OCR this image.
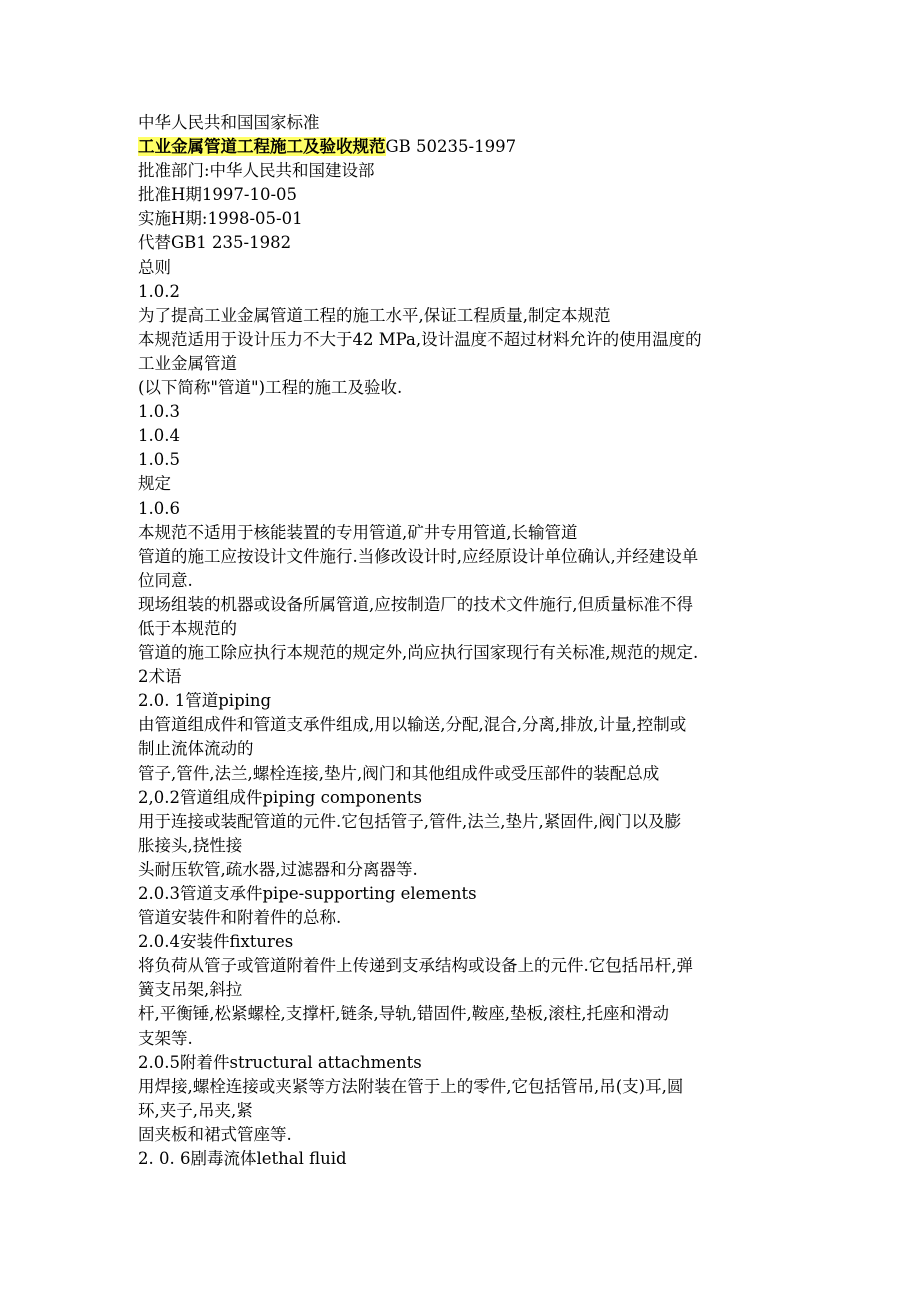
中华人民共和国国家标准

工业金属管道工程施工及验收规范GB 50235-1997

批准部门:中华人民共和国建设部

批准H期1997-10-05

实施H期:1998-05-01

代替GB1 235-1982

总则

1.0.2

为了提高工业金属管道工程的施工水平,保证工程质量,制定本规范

本规范适用于设计压力不大于42 MPa,设计温度不超过材料允许的使用温度的

工业金属管道

(以下简称"管道")工程的施工及验收.

1.0.3

1.0.4

1.0.5

规定

1.0.6

本规范不适用于核能装置的专用管道,矿井专用管道,长输管道

管道的施工应按设计文件施行.当修改设计时,应经原设计单位确认,并经建设单

位同意.

现场组装的机器或设备所属管道,应按制造厂的技术文件施行,但质量标准不得

低于本规范的

管道的施工除应执行本规范的规定外,尚应执行国家现行有关标准,规范的规定.

2术语

2.0. 1管道piping

由管道组成件和管道支承件组成,用以输送,分配,混合,分离,排放,计量,控制或

制止流体流动的

管子,管件,法兰,螺栓连接,垫片,阀门和其他组成件或受压部件的装配总成

2,0.2管道组成件piping components

用于连接或装配管道的元件.它包括管子,管件,法兰,垫片,紧固件,阀门以及膨

胀接头,挠性接

头耐压软管,疏水器,过滤器和分离器等.

2.0.3管道支承件pipe-supporting elements

管道安装件和附着件的总称.

2.0.4安装件fixtures

将负荷从管子或管道附着件上传递到支承结构或设备上的元件.它包括吊杆,弹

簧支吊架,斜拉

杆,平衡锤,松紧螺栓,支撑杆,链条,导轨,错固件,鞍座,垫板,滚柱,托座和滑动

支架等.

2.0.5附着件structural attachments

用焊接,螺栓连接或夹紧等方法附装在管于上的零件,它包括管吊,吊(支)耳,圆

环,夹子,吊夹,紧

固夹板和裙式管座等.

2. 0. 6剧毒流体lethal fluid
